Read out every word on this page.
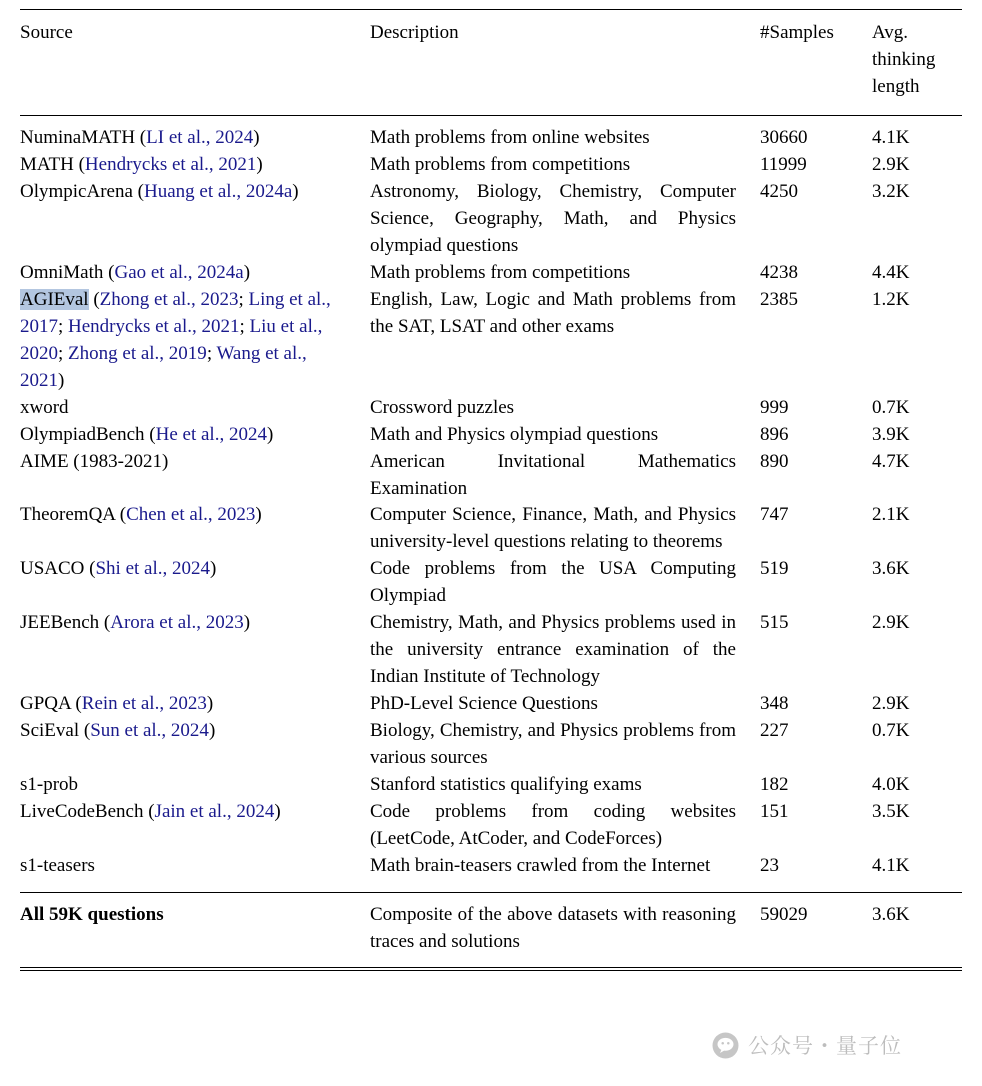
Source	Description	#Samples	Avg. thinking length
NuminaMATH (LI et al., 2024)	Math problems from online websites	30660	4.1K
MATH (Hendrycks et al., 2021)	Math problems from competitions	11999	2.9K
OlympicArena (Huang et al., 2024a)	Astronomy, Biology, Chemistry, Computer Science, Geography, Math, and Physics olympiad questions	4250	3.2K
OmniMath (Gao et al., 2024a)	Math problems from competitions	4238	4.4K
AGIEval (Zhong et al., 2023; Ling et al., 2017; Hendrycks et al., 2021; Liu et al., 2020; Zhong et al., 2019; Wang et al., 2021)	English, Law, Logic and Math problems from the SAT, LSAT and other exams	2385	1.2K
xword	Crossword puzzles	999	0.7K
OlympiadBench (He et al., 2024)	Math and Physics olympiad questions	896	3.9K
AIME (1983-2021)	American Invitational Mathematics Examination	890	4.7K
TheoremQA (Chen et al., 2023)	Computer Science, Finance, Math, and Physics university-level questions relating to theorems	747	2.1K
USACO (Shi et al., 2024)	Code problems from the USA Computing Olympiad	519	3.6K
JEEBench (Arora et al., 2023)	Chemistry, Math, and Physics problems used in the university entrance examination of the Indian Institute of Technology	515	2.9K
GPQA (Rein et al., 2023)	PhD-Level Science Questions	348	2.9K
SciEval (Sun et al., 2024)	Biology, Chemistry, and Physics problems from various sources	227	0.7K
s1-prob	Stanford statistics qualifying exams	182	4.0K
LiveCodeBench (Jain et al., 2024)	Code problems from coding websites (LeetCode, AtCoder, and CodeForces)	151	3.5K
s1-teasers	Math brain-teasers crawled from the Internet	23	4.1K
All 59K questions	Composite of the above datasets with reasoning traces and solutions	59029	3.6K
公众号・量子位
